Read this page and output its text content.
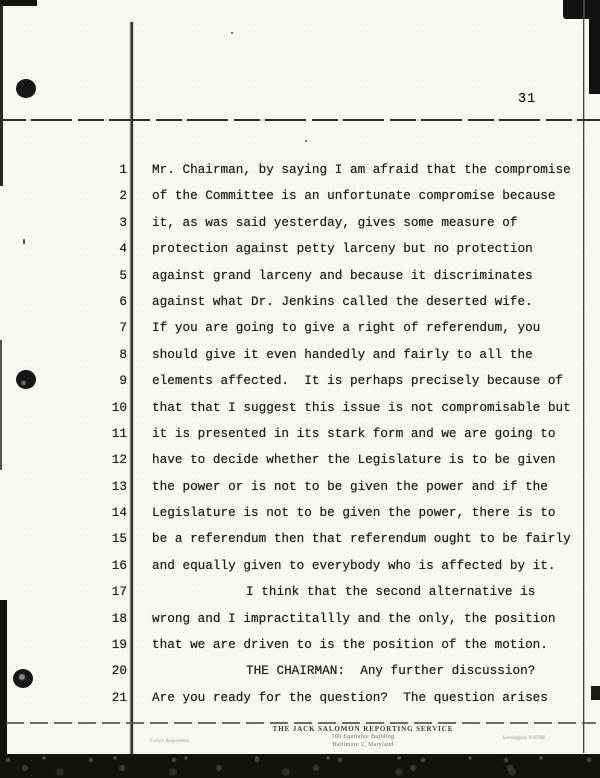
31
1 Mr. Chairman, by saying I am afraid that the compromise
2 of the Committee is an unfortunate compromise because
3 it, as was said yesterday, gives some measure of
4 protection against petty larceny but no protection
5 against grand larceny and because it discriminates
6 against what Dr. Jenkins called the deserted wife.
7 If you are going to give a right of referendum, you
8 should give it even handedly and fairly to all the
9 elements affected.  It is perhaps precisely because of
10 that that I suggest this issue is not compromisable but
11 it is presented in its stark form and we are going to
12 have to decide whether the Legislature is to be given
13 the power or is not to be given the power and if the
14 Legislature is not to be given the power, there is to
15 be a referendum then that referendum ought to be fairly
16 and equally given to everybody who is affected by it.
17	I think that the second alternative is
18 wrong and I impractitallly and the only, the position
19 that we are driven to is the position of the motion.
20	THE CHAIRMAN:  Any further discussion?
21 Are you ready for the question?  The question arises
THE JACK SALOMON REPORTING SERVICE
100 Equitable Building
Baltimore 2, Maryland
Court Reporters	Lexington 9-6760
